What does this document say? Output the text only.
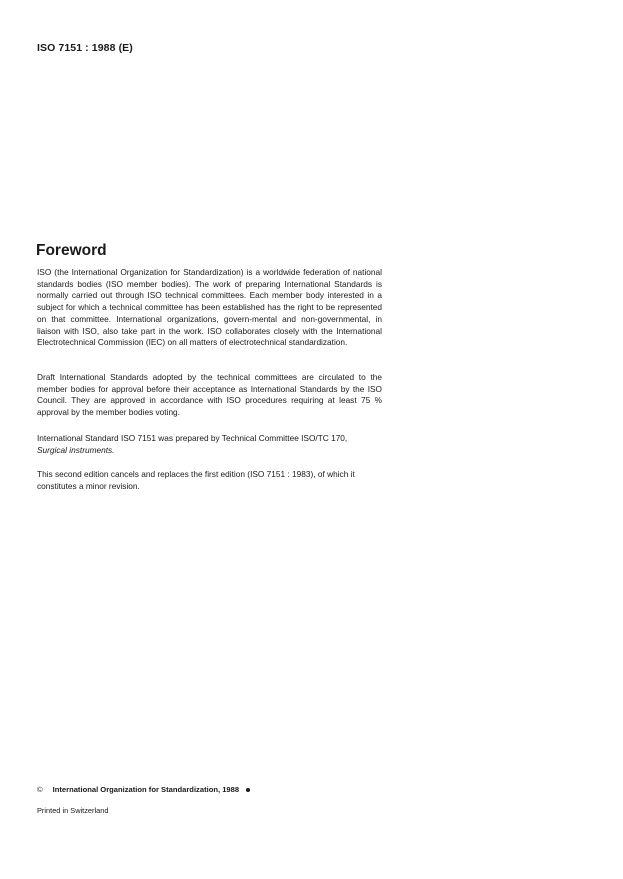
ISO 7151 : 1988 (E)
Foreword

ISO (the International Organization for Standardization) is a worldwide federation of national standards bodies (ISO member bodies). The work of preparing International Standards is normally carried out through ISO technical committees. Each member body interested in a subject for which a technical committee has been established has the right to be represented on that committee. International organizations, govern-mental and non-governmental, in liaison with ISO, also take part in the work. ISO collaborates closely with the International Electrotechnical Commission (IEC) on all matters of electrotechnical standardization.

Draft International Standards adopted by the technical committees are circulated to the member bodies for approval before their acceptance as International Standards by the ISO Council. They are approved in accordance with ISO procedures requiring at least 75 % approval by the member bodies voting.

International Standard ISO 7151 was prepared by Technical Committee ISO/TC 170,
Surgical instruments.

This second edition cancels and replaces the first edition (ISO 7151 : 1983), of which it constitutes a minor revision.

© International Organization for Standardization, 1988
Printed in Switzerland
